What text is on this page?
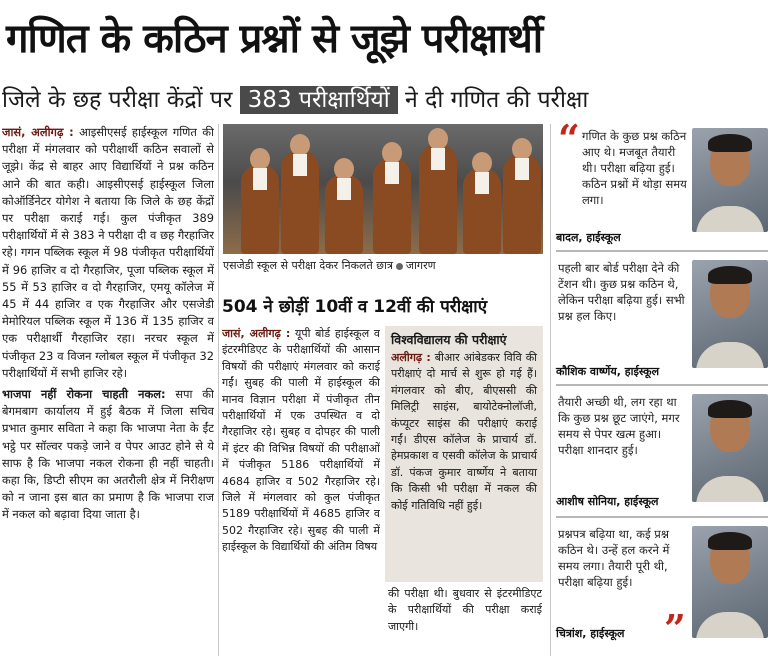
गणित के कठिन प्रश्नों से जूझे परीक्षार्थी
जिले के छह परीक्षा केंद्रों पर 383 परीक्षार्थियों ने दी गणित की परीक्षा

जासं, अलीगढ़ : आइसीएसई हाईस्कूल गणित की परीक्षा में मंगलवार को परीक्षार्थी कठिन सवालों से जूझे। केंद्र से बाहर आए विद्यार्थियों ने प्रश्न कठिन आने की बात कही। आइसीएसई हाईस्कूल जिला कोऑर्डिनेटर योगेश ने बताया कि जिले के छह केंद्रों पर परीक्षा कराई गई। कुल पंजीकृत 389 परीक्षार्थियों में से 383 ने परीक्षा दी व छह गैरहाजिर रहे। गगन पब्लिक स्कूल में 98 पंजीकृत परीक्षार्थियों में 96 हाजिर व दो गैरहाजिर, पूजा पब्लिक स्कूल में 55 में 53 हाजिर व दो गैरहाजिर, एमयू कॉलेज में 45 में 44 हाजिर व एक गैरहाजिर और एसजेडी मेमोरियल पब्लिक स्कूल में 136 में 135 हाजिर व एक परीक्षार्थी गैरहाजिर रहा। नरचर स्कूल में पंजीकृत 23 व विजन ग्लोबल स्कूल में पंजीकृत 32 परीक्षार्थियों में सभी हाजिर रहे।

भाजपा नहीं रोकना चाहती नकल: सपा की बेगमबाग कार्यालय में हुई बैठक में जिला सचिव प्रभात कुमार सविता ने कहा कि भाजपा नेता के ईंट भट्ठे पर सॉल्वर पकड़े जाने व पेपर आउट होने से ये साफ है कि भाजपा नकल रोकना ही नहीं चाहती। कहा कि, डिप्टी सीएम का अतरौली क्षेत्र में निरीक्षण को न जाना इस बात का प्रमाण है कि भाजपा राज में नकल को बढ़ावा दिया जाता है।

एसजेडी स्कूल से परीक्षा देकर निकलते छात्र जागरण
504 ने छोड़ीं 10वीं व 12वीं की परीक्षाएं

जासं, अलीगढ़ : यूपी बोर्ड हाईस्कूल व इंटरमीडिएट के परीक्षार्थियों की आसान विषयों की परीक्षाएं मंगलवार को कराई गईं। सुबह की पाली में हाईस्कूल की मानव विज्ञान परीक्षा में पंजीकृत तीन परीक्षार्थियों में एक उपस्थित व दो गैरहाजिर रहे। सुबह व दोपहर की पाली में इंटर की विभिन्न विषयों की परीक्षाओं में पंजीकृत 5186 परीक्षार्थियों में 4684 हाजिर व 502 गैरहाजिर रहे। जिले में मंगलवार को कुल पंजीकृत 5189 परीक्षार्थियों में 4685 हाजिर व 502 गैरहाजिर रहे। सुबह की पाली में हाईस्कूल के विद्यार्थियों की अंतिम विषय

विश्वविद्यालय की परीक्षाएं
अलीगढ़ : बीआर आंबेडकर विवि की परीक्षाएं दो मार्च से शुरू हो गई हैं। मंगलवार को बीए, बीएससी की मिलिट्री साइंस, बायोटेक्नोलॉजी, कंप्यूटर साइंस की परीक्षाएं कराई गईं। डीएस कॉलेज के प्राचार्य डॉ. हेमप्रकाश व एसवी कॉलेज के प्राचार्य डॉ. पंकज कुमार वार्ष्णेय ने बताया कि किसी भी परीक्षा में नकल की कोई गतिविधि नहीं हुई।
की परीक्षा थी। बुधवार से इंटरमीडिएट के परीक्षार्थियों की परीक्षा कराई जाएगी।
“ गणित के कुछ प्रश्न कठिन आए थे। मजबूत तैयारी थी। परीक्षा बढ़िया हुई। कठिन प्रश्नों में थोड़ा समय लगा।
बादल, हाईस्कूल
पहली बार बोर्ड परीक्षा देने की टेंशन थी। कुछ प्रश्न कठिन थे, लेकिन परीक्षा बढ़िया हुई। सभी प्रश्न हल किए।
कौशिक वार्ष्णेय, हाईस्कूल
तैयारी अच्छी थी, लग रहा था कि कुछ प्रश्न छूट जाएंगे, मगर समय से पेपर खत्म हुआ। परीक्षा शानदार हुई।
आशीष सोनिया, हाईस्कूल
प्रश्नपत्र बढ़िया था, कई प्रश्न कठिन थे। उन्हें हल करने में समय लगा। तैयारी पूरी थी, परीक्षा बढ़िया हुई।
चित्रांश, हाईस्कूल ”
